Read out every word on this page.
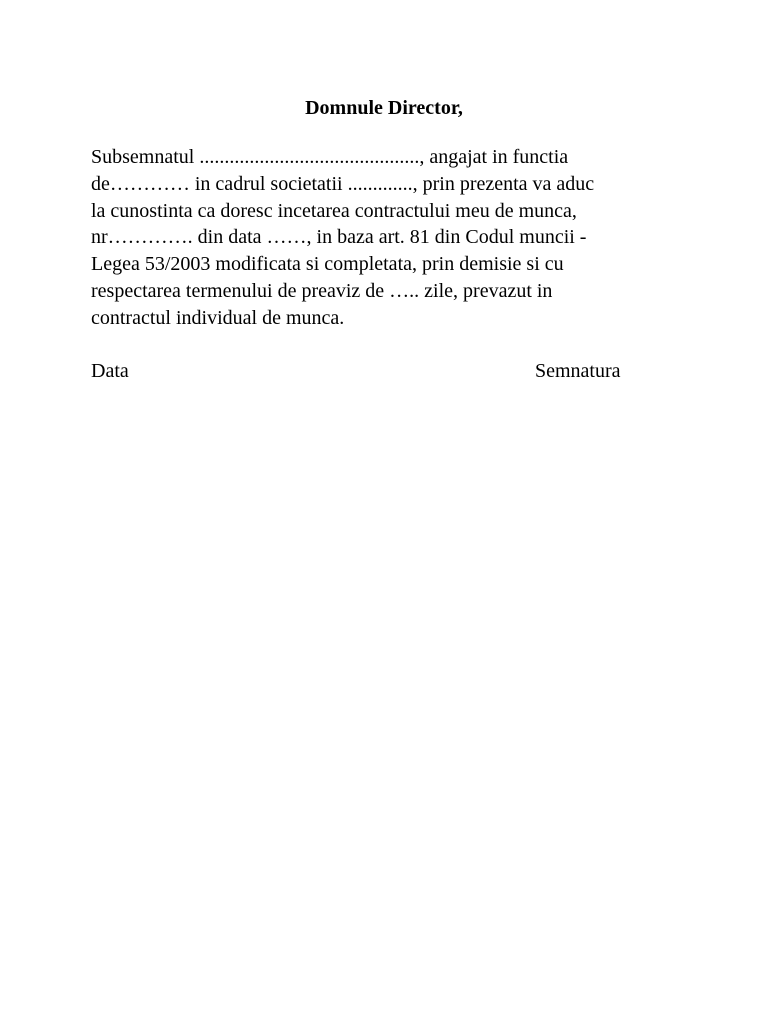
Domnule Director,
Subsemnatul ............................................, angajat in functia
de………… in cadrul societatii ............., prin prezenta va aduc
la cunostinta ca doresc incetarea contractului meu de munca,
nr…………. din data ……, in baza art. 81 din Codul muncii -
Legea 53/2003 modificata si completata, prin demisie si cu
respectarea termenului de preaviz de ….. zile, prevazut in
contractul individual de munca.

Data	Semnatura
